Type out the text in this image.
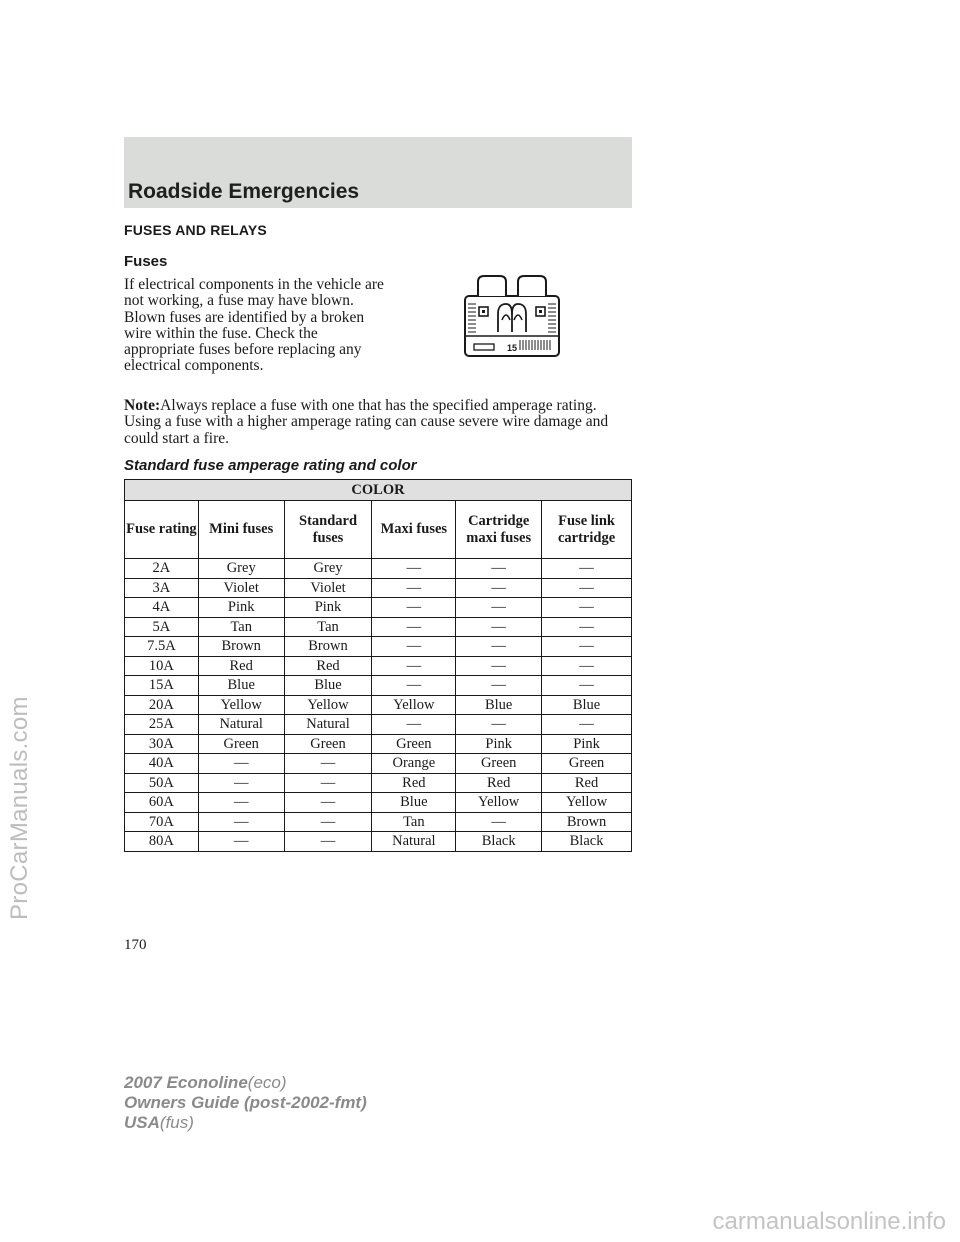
Roadside Emergencies
FUSES AND RELAYS
Fuses

If electrical components in the vehicle are not working, a fuse may have blown. Blown fuses are identified by a broken wire within the fuse. Check the appropriate fuses before replacing any electrical components.

15

Note:Always replace a fuse with one that has the specified amperage rating. Using a fuse with a higher amperage rating can cause severe wire damage and could start a fire.

Standard fuse amperage rating and color
COLOR					
Fuse rating	Mini fuses	Standard fuses	Maxi fuses	Cartridge maxi fuses	Fuse link cartridge
2A	Grey	Grey	—	—	—
3A	Violet	Violet	—	—	—
4A	Pink	Pink	—	—	—
5A	Tan	Tan	—	—	—
7.5A	Brown	Brown	—	—	—
10A	Red	Red	—	—	—
15A	Blue	Blue	—	—	—
20A	Yellow	Yellow	Yellow	Blue	Blue
25A	Natural	Natural	—	—	—
30A	Green	Green	Green	Pink	Pink
40A	—	—	Orange	Green	Green
50A	—	—	Red	Red	Red
60A	—	—	Blue	Yellow	Yellow
70A	—	—	Tan	—	Brown
80A	—	—	Natural	Black	Black
170
2007 Econoline(eco)
Owners Guide (post-2002-fmt)
USA(fus)
ProCarManuals.com
carmanualsonline.info
